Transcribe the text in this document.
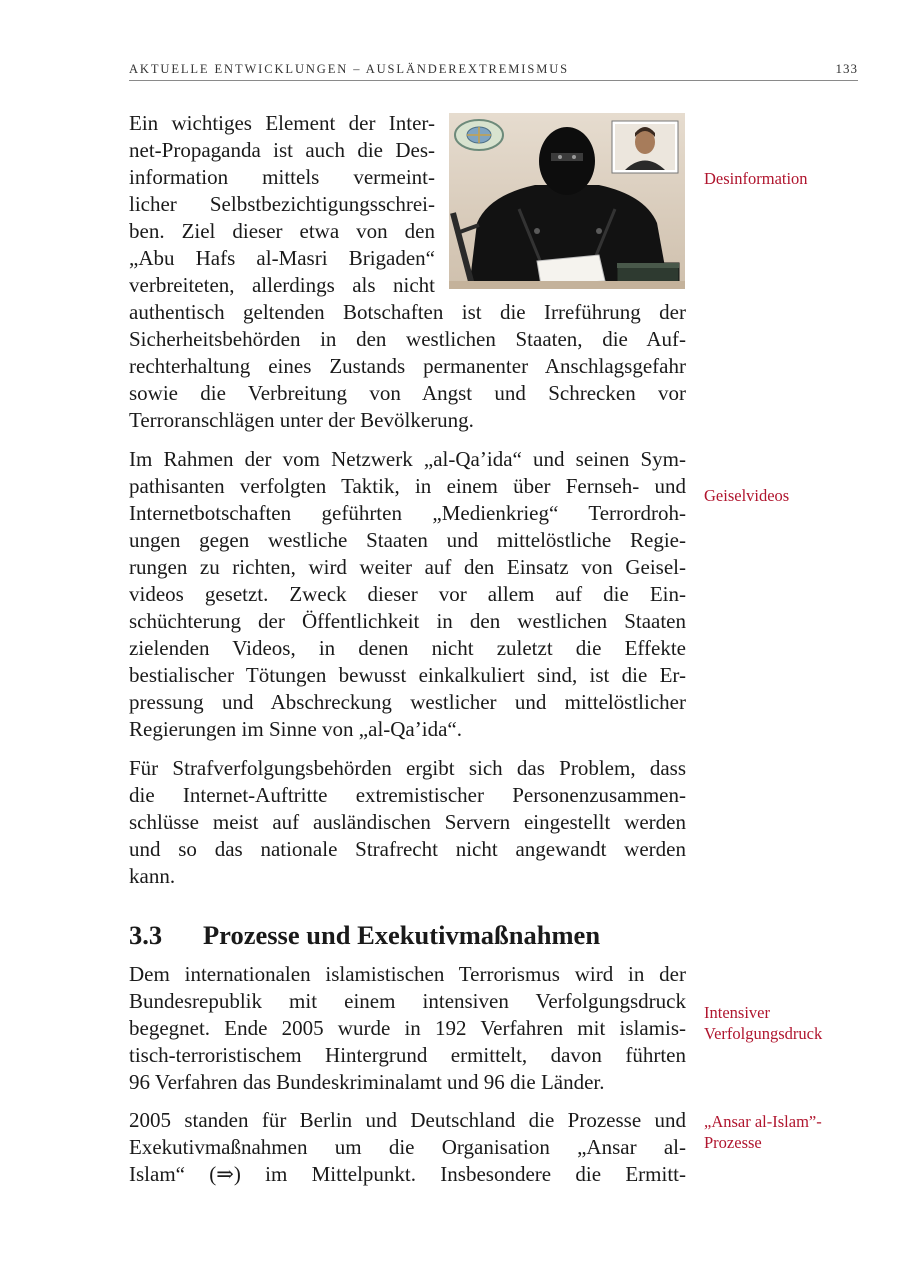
AKTUELLE ENTWICKLUNGEN – AUSLÄNDEREXTREMISMUS	133
Ein wichtiges Element der Inter-
net-Propaganda ist auch die Des-
information mittels vermeint-
licher Selbstbezichtigungsschrei-
ben. Ziel dieser etwa von den
„Abu Hafs al-Masri Brigaden“
verbreiteten, allerdings als nicht
authentisch geltenden Botschaften ist die Irreführung der
Sicherheitsbehörden in den westlichen Staaten, die Auf-
rechterhaltung eines Zustands permanenter Anschlagsgefahr
sowie die Verbreitung von Angst und Schrecken vor
Terroranschlägen unter der Bevölkerung.
Im Rahmen der vom Netzwerk „al-Qa’ida“ und seinen Sym-
pathisanten verfolgten Taktik, in einem über Fernseh- und
Internetbotschaften geführten „Medienkrieg“ Terrordroh-
ungen gegen westliche Staaten und mittelöstliche Regie-
rungen zu richten, wird weiter auf den Einsatz von Geisel-
videos gesetzt. Zweck dieser vor allem auf die Ein-
schüchterung der Öffentlichkeit in den westlichen Staaten
zielenden Videos, in denen nicht zuletzt die Effekte
bestialischer Tötungen bewusst einkalkuliert sind, ist die Er-
pressung und Abschreckung westlicher und mittelöstlicher
Regierungen im Sinne von „al-Qa’ida“.
Für Strafverfolgungsbehörden ergibt sich das Problem, dass
die Internet-Auftritte extremistischer Personenzusammen-
schlüsse meist auf ausländischen Servern eingestellt werden
und so das nationale Strafrecht nicht angewandt werden
kann.
3.3 Prozesse und Exekutivmaßnahmen
Dem internationalen islamistischen Terrorismus wird in der
Bundesrepublik mit einem intensiven Verfolgungsdruck
begegnet. Ende 2005 wurde in 192 Verfahren mit islamis-
tisch-terroristischem Hintergrund ermittelt, davon führten
96 Verfahren das Bundeskriminalamt und 96 die Länder.
2005 standen für Berlin und Deutschland die Prozesse und
Exekutivmaßnahmen um die Organisation „Ansar al-
Islam“ (⇒) im Mittelpunkt. Insbesondere die Ermitt-
Desinformation
Geiselvideos
Intensiver
Verfolgungsdruck
„Ansar al-Islam”-
Prozesse
